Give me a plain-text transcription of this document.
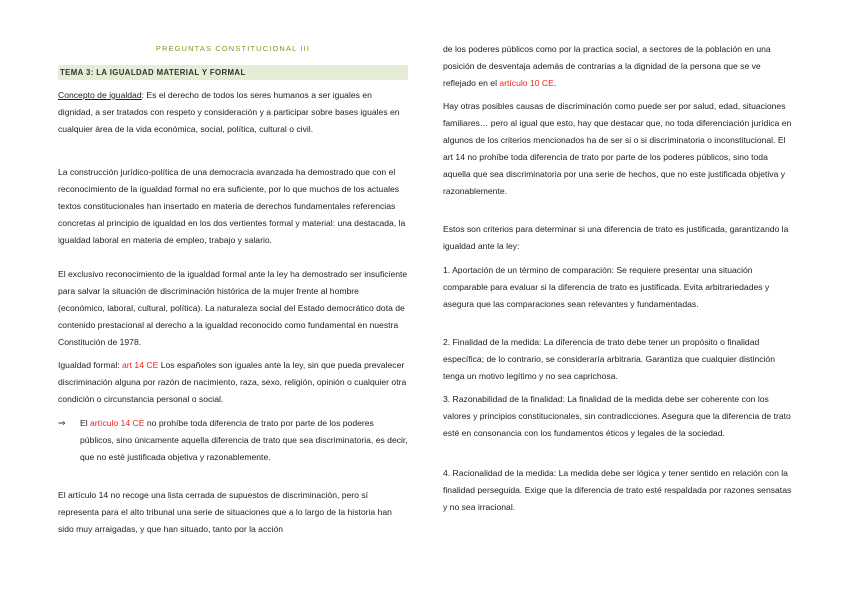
PREGUNTAS CONSTITUCIONAL III
TEMA 3: LA IGUALDAD MATERIAL Y FORMAL

Concepto de igualdad: Es el derecho de todos los seres humanos a ser iguales en dignidad, a ser tratados con respeto y consideración y a participar sobre bases iguales en cualquier área de la vida económica, social, política, cultural o civil.

La construcción jurídico-política de una democracia avanzada ha demostrado que con el reconocimiento de la igualdad formal no era suficiente, por lo que muchos de los actuales textos constitucionales han insertado en materia de derechos fundamentales referencias concretas al principio de igualdad en los dos vertientes formal y material: una destacada, la igualdad laboral en materia de empleo, trabajo y salario.

El exclusivo reconocimiento de la igualdad formal ante la ley ha demostrado ser insuficiente para salvar la situación de discriminación histórica de la mujer frente al hombre (económico, laboral, cultural, política). La naturaleza social del Estado democrático dota de contenido prestacional al derecho a la igualdad reconocido como fundamental en nuestra Constitución de 1978.

Igualdad formal: art 14 CE Los españoles son iguales ante la ley, sin que pueda prevalecer discriminación alguna por razón de nacimiento, raza, sexo, religión, opinión o cualquier otra condición o circunstancia personal o social.

⇒	El artículo 14 CE no prohíbe toda diferencia de trato por parte de los poderes públicos, sino únicamente aquella diferencia de trato que sea discriminatoria, es decir, que no esté justificada objetiva y razonablemente.

El artículo 14 no recoge una lista cerrada de supuestos de discriminación, pero sí representa para el alto tribunal una serie de situaciones que a lo largo de la historia han sido muy arraigadas, y que han situado, tanto por la acción

de los poderes públicos como por la practica social, a sectores de la población en una posición de desventaja además de contrarias a la dignidad de la persona que se ve reflejado en el artículo 10 CE.

Hay otras posibles causas de discriminación como puede ser por salud, edad, situaciones familiares… pero al igual que esto, hay que destacar que, no toda diferenciación jurídica en algunos de los criterios mencionados ha de ser si o si discriminatoria o inconstitucional. El art 14 no prohíbe toda diferencia de trato por parte de los poderes públicos, sino toda aquella que sea discriminatoria por una serie de hechos, que no este justificada objetiva y razonablemente.

Estos son criterios para determinar si una diferencia de trato es justificada, garantizando la igualdad ante la ley:

1. Aportación de un término de comparación: Se requiere presentar una situación comparable para evaluar si la diferencia de trato es justificada. Evita arbitrariedades y asegura que las comparaciones sean relevantes y fundamentadas.

2. Finalidad de la medida: La diferencia de trato debe tener un propósito o finalidad específica; de lo contrario, se consideraría arbitraria. Garantiza que cualquier distinción tenga un motivo legítimo y no sea caprichosa.

3. Razonabilidad de la finalidad: La finalidad de la medida debe ser coherente con los valores y principios constitucionales, sin contradicciones. Asegura que la diferencia de trato esté en consonancia con los fundamentos éticos y legales de la sociedad.

4. Racionalidad de la medida: La medida debe ser lógica y tener sentido en relación con la finalidad perseguida. Exige que la diferencia de trato esté respaldada por razones sensatas y no sea irracional.
